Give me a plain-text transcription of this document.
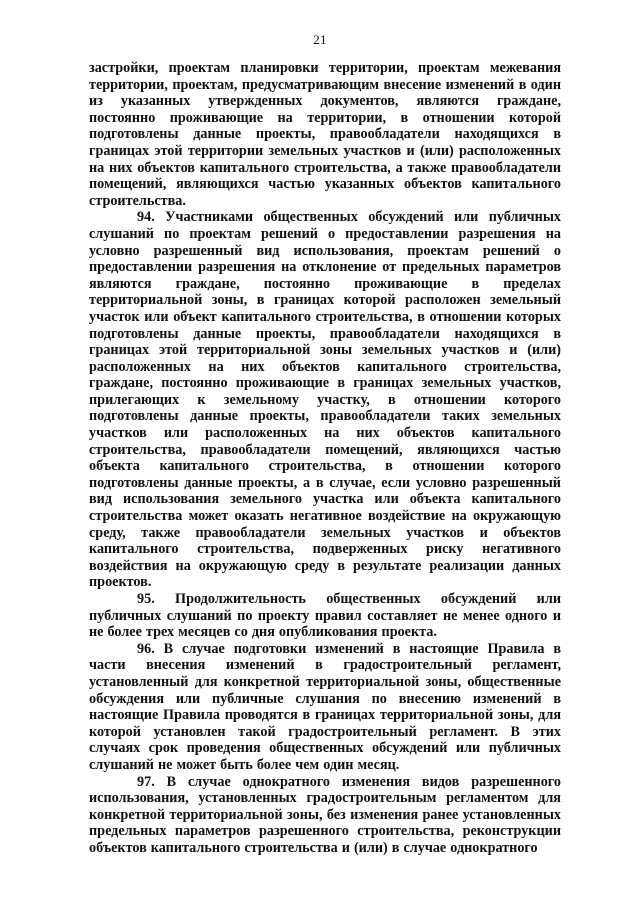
21

застройки, проектам планировки территории, проектам межевания территории, проектам, предусматривающим внесение изменений в один из указанных утвержденных документов, являются граждане, постоянно проживающие на территории, в отношении которой подготовлены данные проекты, правообладатели находящихся в границах этой территории земельных участков и (или) расположенных на них объектов капитального строительства, а также правообладатели помещений, являющихся частью указанных объектов капитального строительства.

94. Участниками общественных обсуждений или публичных слушаний по проектам решений о предоставлении разрешения на условно разрешенный вид использования, проектам решений о предоставлении разрешения на отклонение от предельных параметров являются граждане, постоянно проживающие в пределах территориальной зоны, в границах которой расположен земельный участок или объект капитального строительства, в отношении которых подготовлены данные проекты, правообладатели находящихся в границах этой территориальной зоны земельных участков и (или) расположенных на них объектов капитального строительства, граждане, постоянно проживающие в границах земельных участков, прилегающих к земельному участку, в отношении которого подготовлены данные проекты, правообладатели таких земельных участков или расположенных на них объектов капитального строительства, правообладатели помещений, являющихся частью объекта капитального строительства, в отношении которого подготовлены данные проекты, а в случае, если условно разрешенный вид использования земельного участка или объекта капитального строительства может оказать негативное воздействие на окружающую среду, также правообладатели земельных участков и объектов капитального строительства, подверженных риску негативного воздействия на окружающую среду в результате реализации данных проектов.

95. Продолжительность общественных обсуждений или публичных слушаний по проекту правил составляет не менее одного и не более трех месяцев со дня опубликования проекта.

96. В случае подготовки изменений в настоящие Правила в части внесения изменений в градостроительный регламент, установленный для конкретной территориальной зоны, общественные обсуждения или публичные слушания по внесению изменений в настоящие Правила проводятся в границах территориальной зоны, для которой установлен такой градостроительный регламент. В этих случаях срок проведения общественных обсуждений или публичных слушаний не может быть более чем один месяц.

97. В случае однократного изменения видов разрешенного использования, установленных градостроительным регламентом для конкретной территориальной зоны, без изменения ранее установленных предельных параметров разрешенного строительства, реконструкции объектов капитального строительства и (или) в случае однократного
